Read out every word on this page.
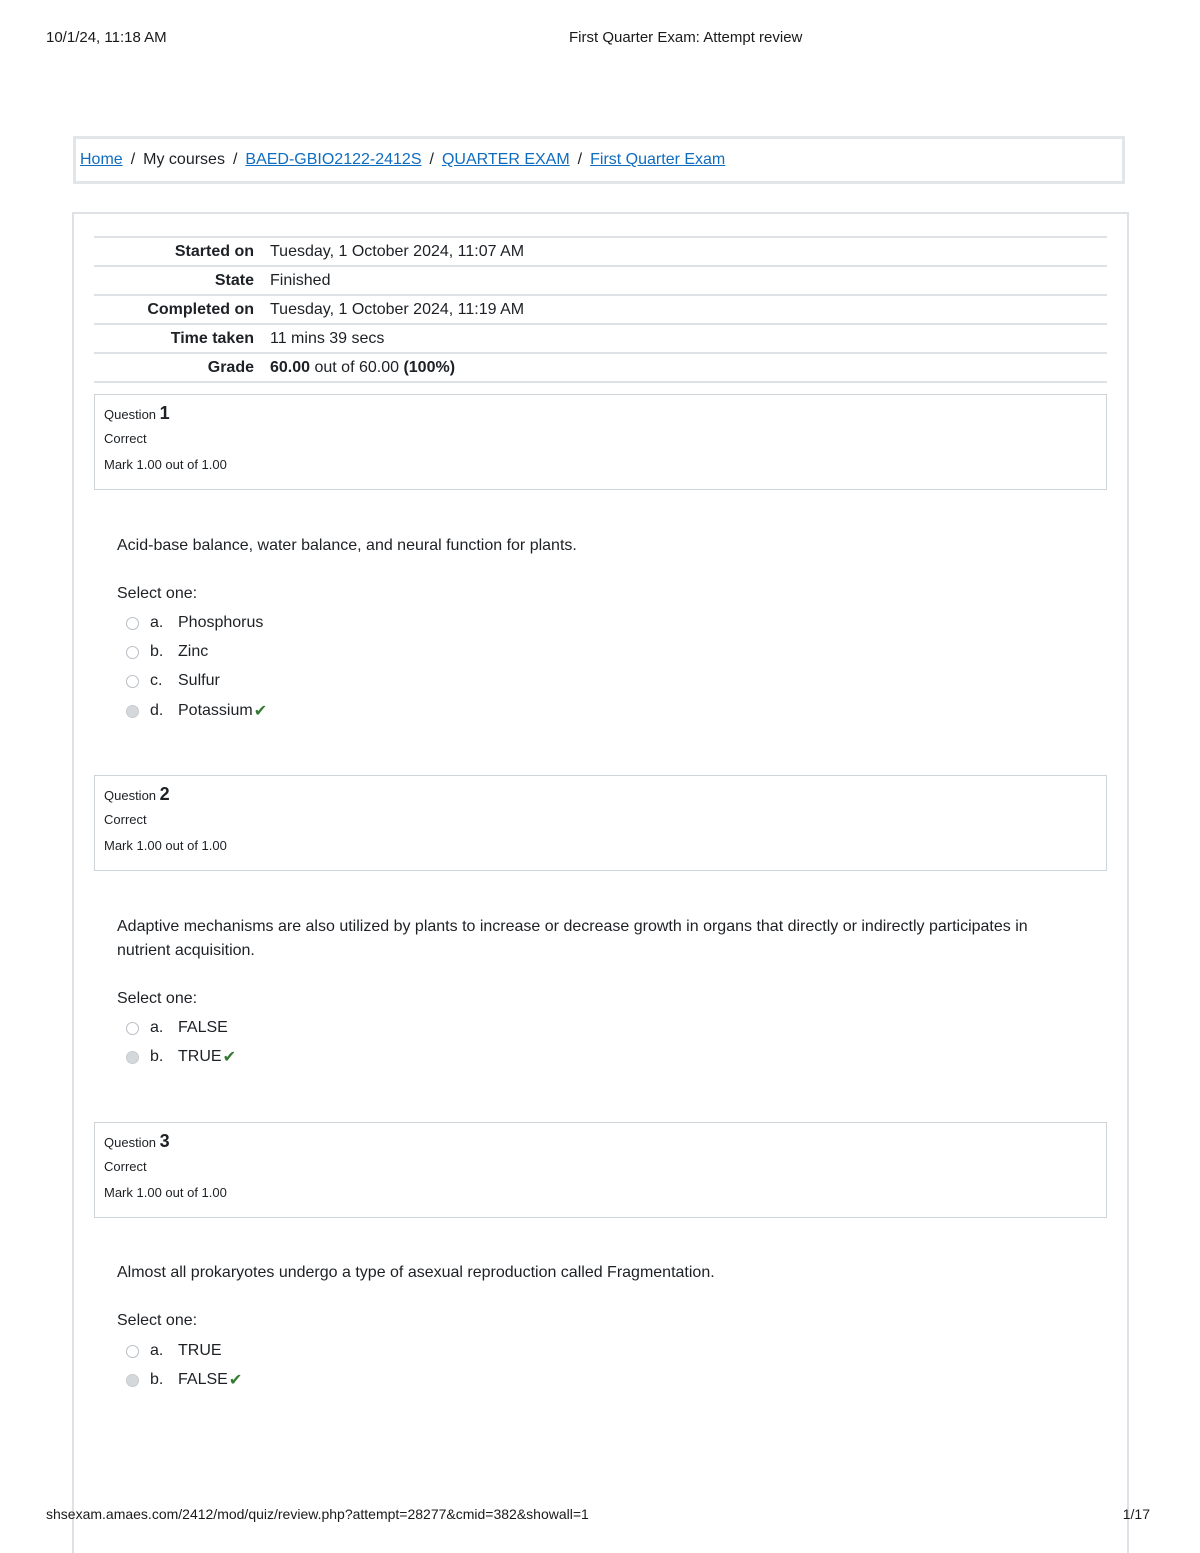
10/1/24, 11:18 AM	First Quarter Exam: Attempt review
Home / My courses / BAED-GBIO2122-2412S / QUARTER EXAM / First Quarter Exam
Started on	Tuesday, 1 October 2024, 11:07 AM
State	Finished
Completed on	Tuesday, 1 October 2024, 11:19 AM
Time taken	11 mins 39 secs
Grade	60.00 out of 60.00 (100%)
Question 1
Correct
Mark 1.00 out of 1.00
Acid-base balance, water balance, and neural function for plants.
Select one:
a. Phosphorus
b. Zinc
c. Sulfur
d. Potassium ✔
Question 2
Correct
Mark 1.00 out of 1.00
Adaptive mechanisms are also utilized by plants to increase or decrease growth in organs that directly or indirectly participates in nutrient acquisition.
Select one:
a. FALSE
b. TRUE ✔
Question 3
Correct
Mark 1.00 out of 1.00
Almost all prokaryotes undergo a type of asexual reproduction called Fragmentation.
Select one:
a. TRUE
b. FALSE ✔
shsexam.amaes.com/2412/mod/quiz/review.php?attempt=28277&cmid=382&showall=1	1/17
